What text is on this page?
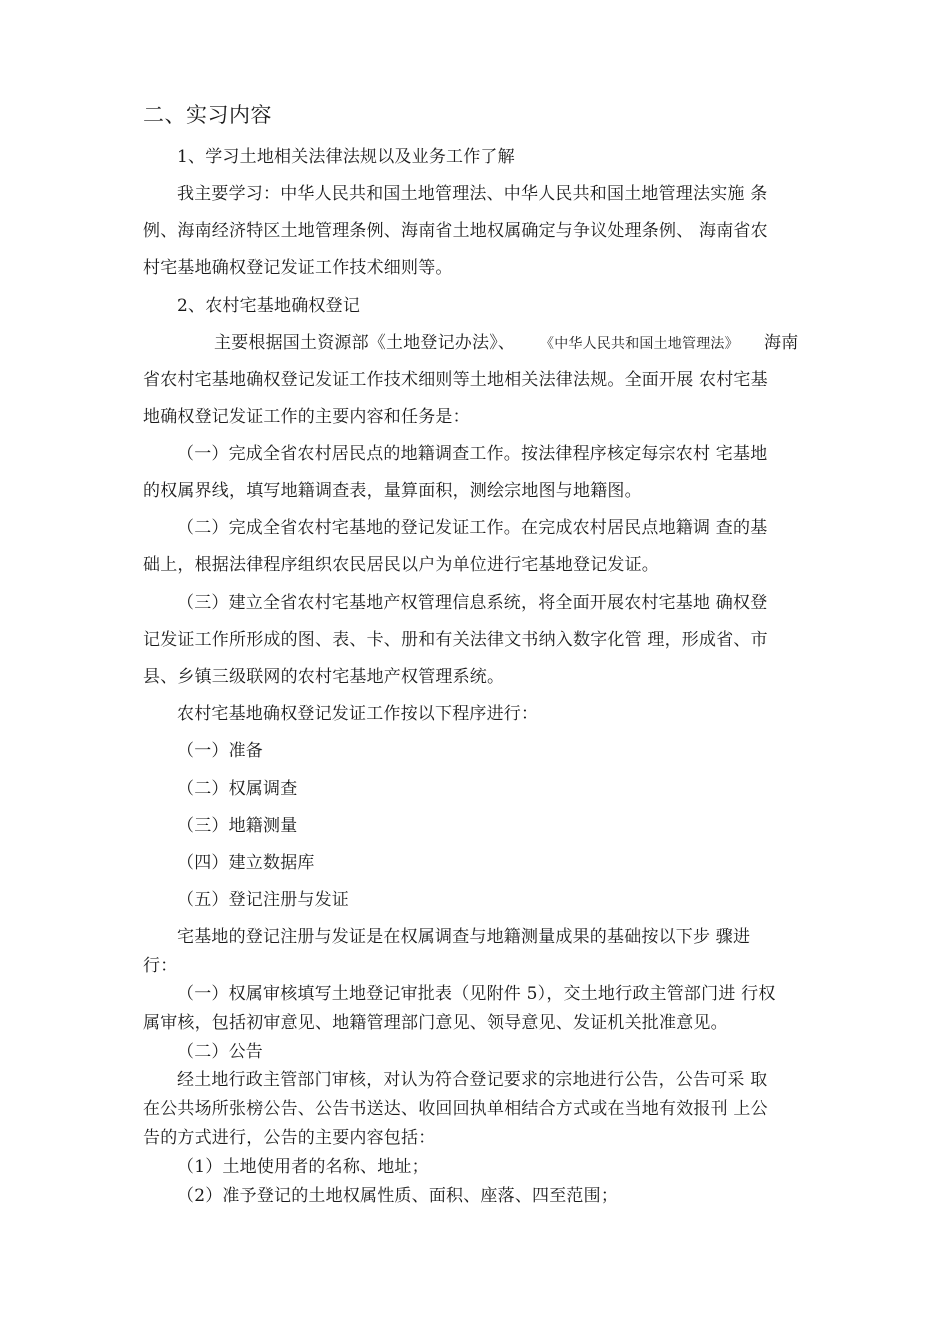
二、实习内容
1、学习土地相关法律法规以及业务工作了解
我主要学习：中华人民共和国土地管理法、中华人民共和国土地管理法实施 条
例、海南经济特区土地管理条例、海南省土地权属确定与争议处理条例、 海南省农
村宅基地确权登记发证工作技术细则等。
2、农村宅基地确权登记
主要根据国土资源部《土地登记办法》、 《中华人民共和国土地管理法》 海南
省农村宅基地确权登记发证工作技术细则等土地相关法律法规。全面开展 农村宅基
地确权登记发证工作的主要内容和任务是：
（一）完成全省农村居民点的地籍调查工作。按法律程序核定每宗农村 宅基地
的权属界线，填写地籍调查表，量算面积，测绘宗地图与地籍图。
（二）完成全省农村宅基地的登记发证工作。在完成农村居民点地籍调 查的基
础上，根据法律程序组织农民居民以户为单位进行宅基地登记发证。
（三）建立全省农村宅基地产权管理信息系统，将全面开展农村宅基地 确权登
记发证工作所形成的图、表、卡、册和有关法律文书纳入数字化管 理，形成省、市
县、乡镇三级联网的农村宅基地产权管理系统。
农村宅基地确权登记发证工作按以下程序进行：
（一）准备
（二）权属调查
（三）地籍测量
（四）建立数据库
（五）登记注册与发证
宅基地的登记注册与发证是在权属调查与地籍测量成果的基础按以下步 骤进
行：
（一）权属审核填写土地登记审批表（见附件 5），交土地行政主管部门进 行权
属审核，包括初审意见、地籍管理部门意见、领导意见、发证机关批准意见。
（二）公告
经土地行政主管部门审核，对认为符合登记要求的宗地进行公告，公告可采 取
在公共场所张榜公告、公告书送达、收回回执单相结合方式或在当地有效报刊 上公
告的方式进行，公告的主要内容包括：
（1）土地使用者的名称、地址；
（2）准予登记的土地权属性质、面积、座落、四至范围；
